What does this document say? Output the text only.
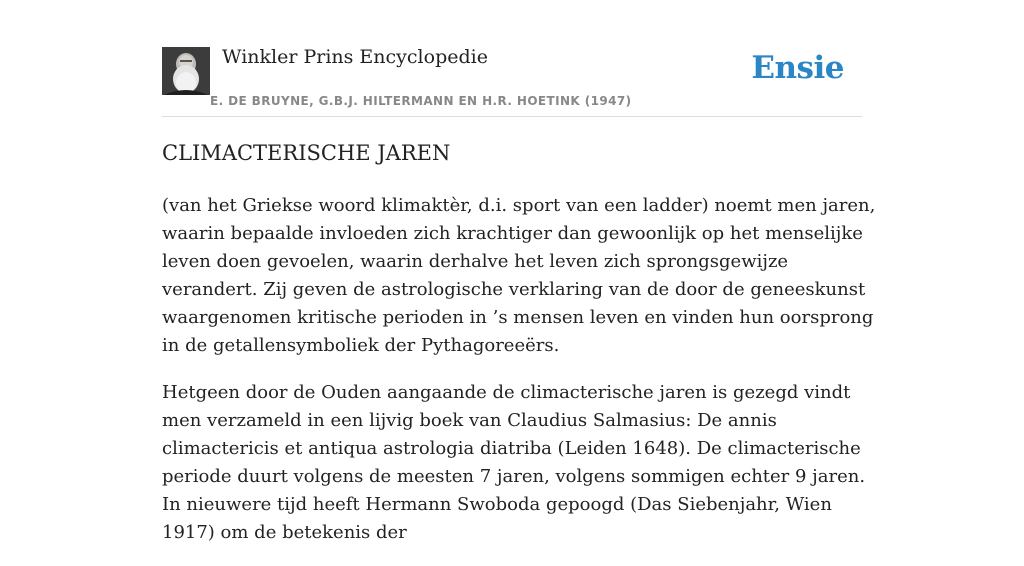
Winkler Prins Encyclopedie
E. DE BRUYNE, G.B.J. HILTERMANN EN H.R. HOETINK (1947)
Ensie
CLIMACTERISCHE JAREN

(van het Griekse woord klimaktèr, d.i. sport van een ladder) noemt men jaren, waarin bepaalde invloeden zich krachtiger dan gewoonlijk op het menselijke leven doen gevoelen, waarin derhalve het leven zich sprongsgewijze verandert. Zij geven de astrologische verklaring van de door de geneeskunst waargenomen kritische perioden in ’s mensen leven en vinden hun oorsprong in de getallensymboliek der Pythagoreeërs.

Hetgeen door de Ouden aangaande de climacterische jaren is gezegd vindt men verzameld in een lijvig boek van Claudius Salmasius: De annis climactericis et antiqua astrologia diatriba (Leiden 1648). De climacterische periode duurt volgens de meesten 7 jaren, volgens sommigen echter 9 jaren. In nieuwere tijd heeft Hermann Swoboda gepoogd (Das Siebenjahr, Wien 1917) om de betekenis der
